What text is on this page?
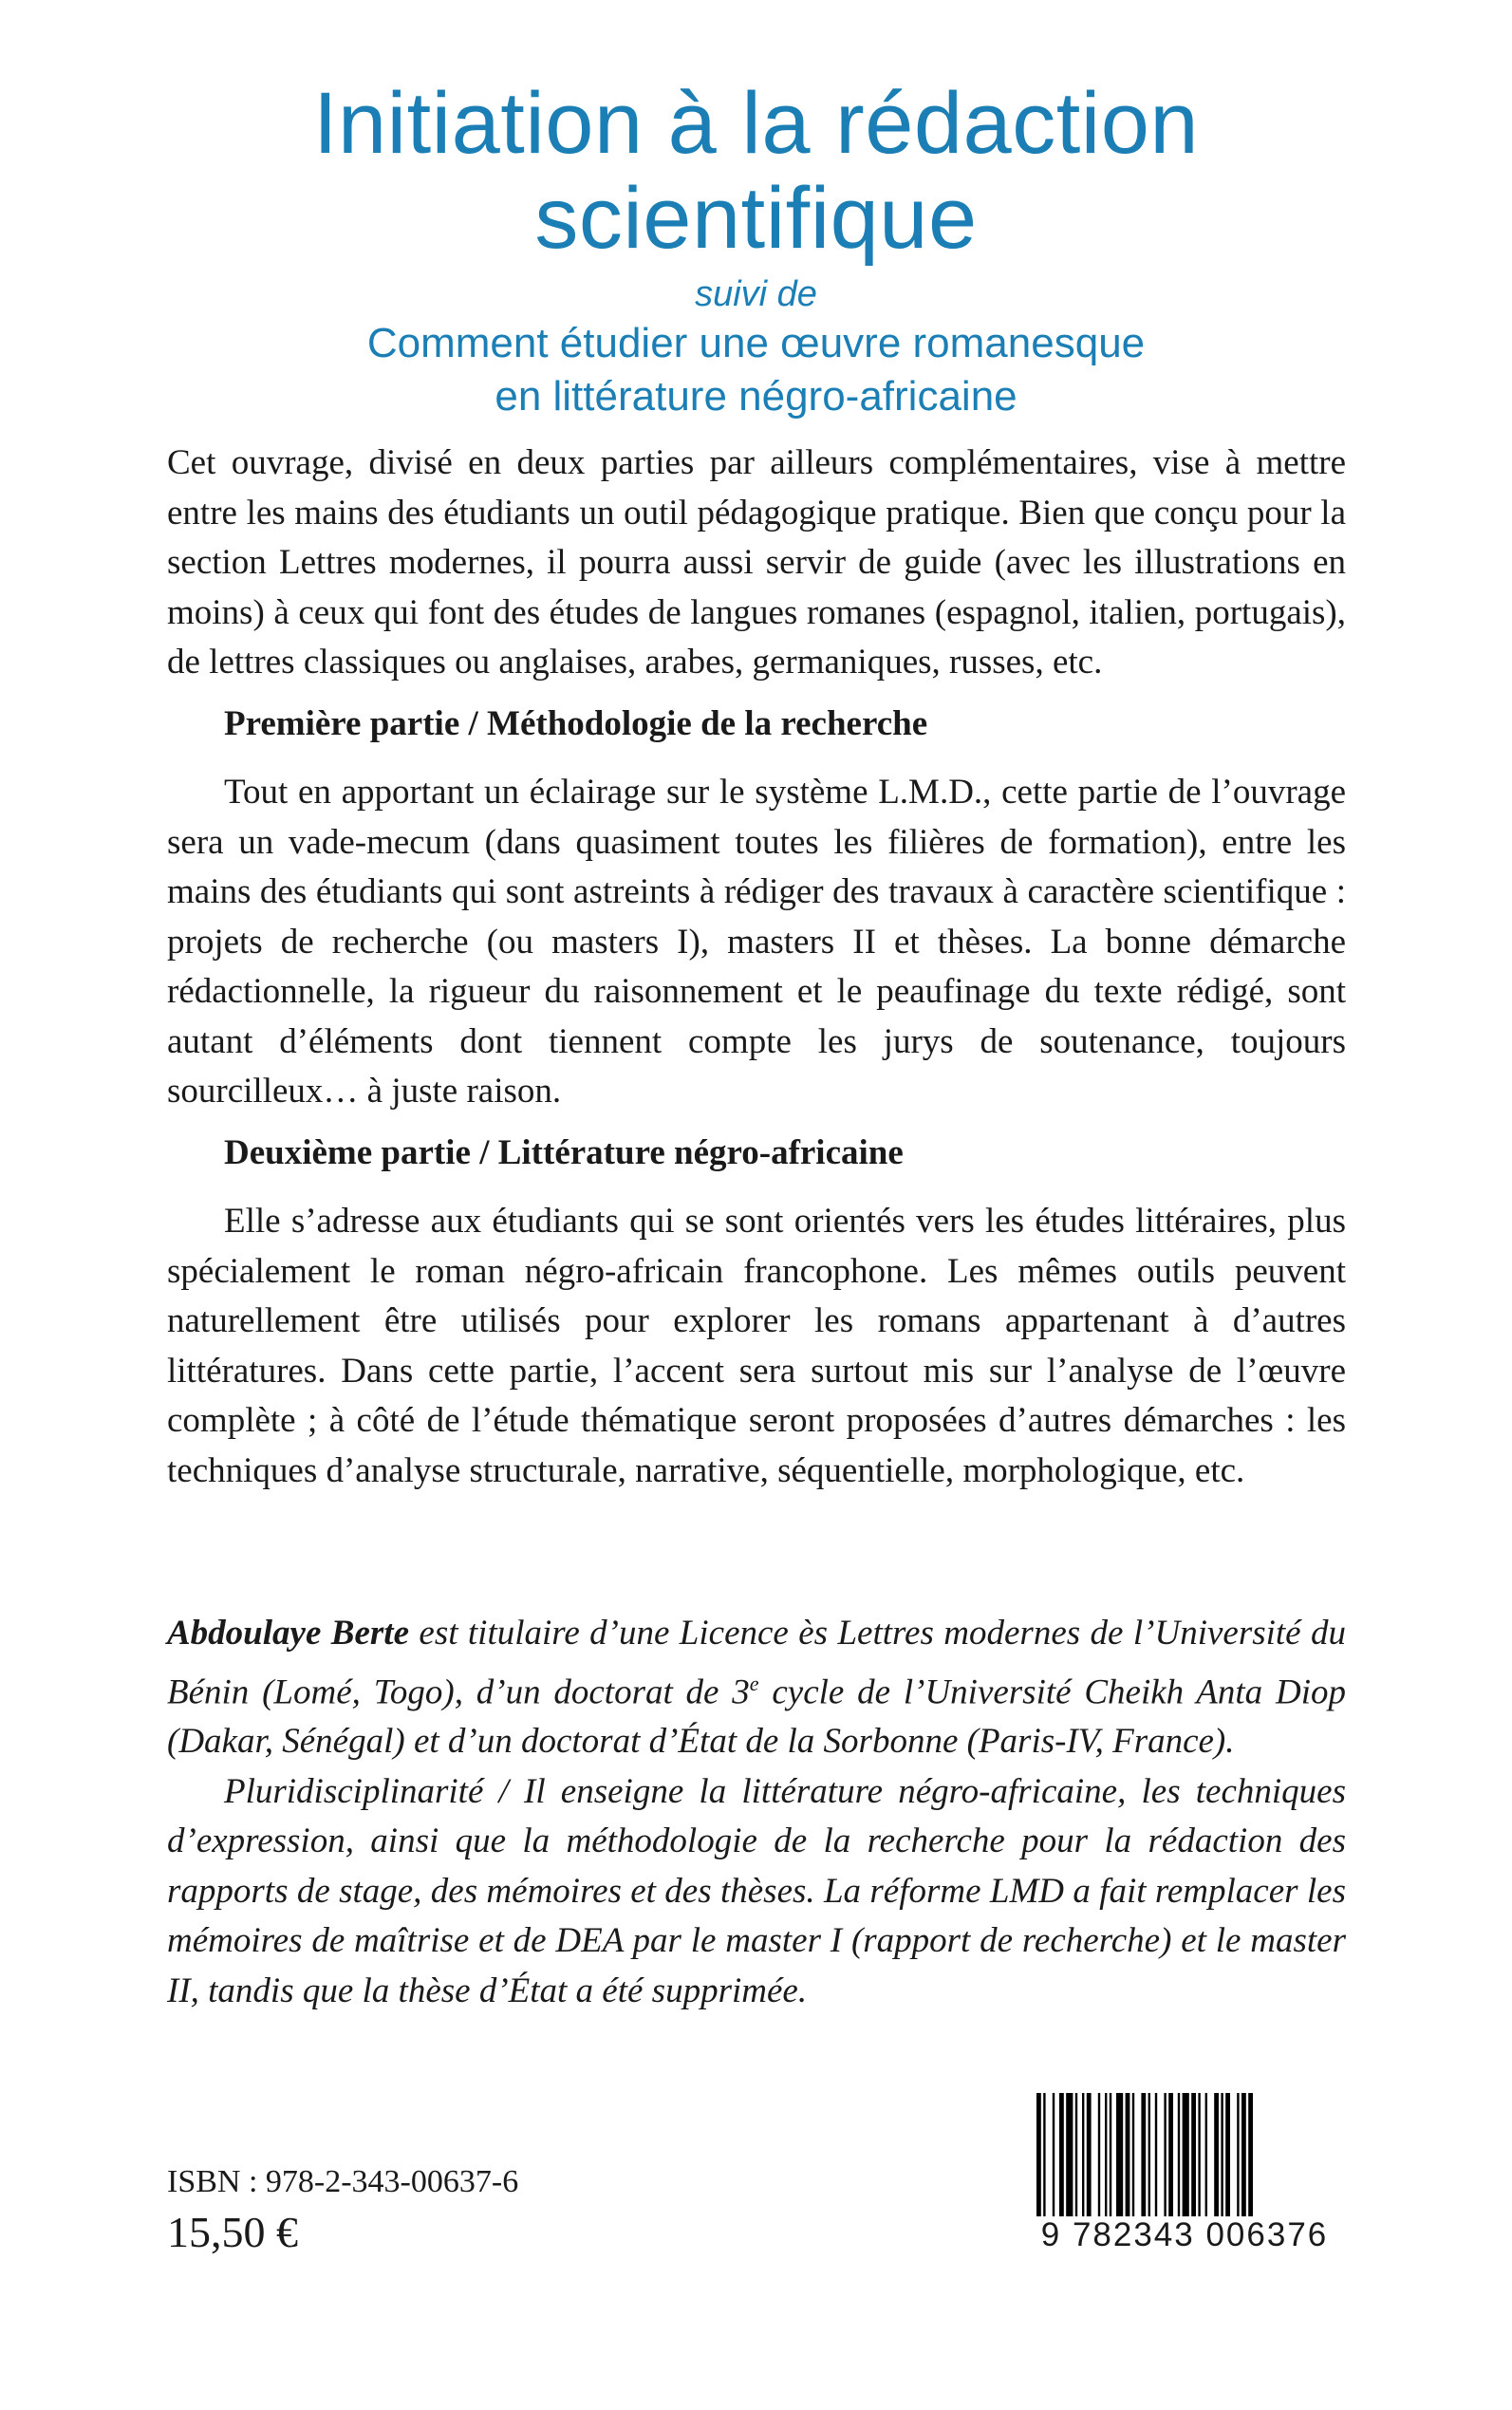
Initiation à la rédaction
scientifique
suivi de
Comment étudier une œuvre romanesque
en littérature négro-africaine

Cet ouvrage, divisé en deux parties par ailleurs complémentaires, vise à mettre entre les mains des étudiants un outil pédagogique pratique. Bien que conçu pour la section Lettres modernes, il pourra aussi servir de guide (avec les illustrations en moins) à ceux qui font des études de langues romanes (espagnol, italien, portugais), de lettres classiques ou anglaises, arabes, germaniques, russes, etc.

Première partie / Méthodologie de la recherche

Tout en apportant un éclairage sur le système L.M.D., cette partie de l’ouvrage sera un vade-mecum (dans quasiment toutes les filières de formation), entre les mains des étudiants qui sont astreints à rédiger des travaux à caractère scientifique : projets de recherche (ou masters I), masters II et thèses. La bonne démarche rédactionnelle, la rigueur du raisonnement et le peaufinage du texte rédigé, sont autant d’éléments dont tiennent compte les jurys de soutenance, toujours sourcilleux… à juste raison.

Deuxième partie / Littérature négro-africaine

Elle s’adresse aux étudiants qui se sont orientés vers les études littéraires, plus spécialement le roman négro-africain francophone. Les mêmes outils peuvent naturellement être utilisés pour explorer les romans appartenant à d’autres littératures. Dans cette partie, l’accent sera surtout mis sur l’analyse de l’œuvre complète ; à côté de l’étude thématique seront proposées d’autres démarches : les techniques d’analyse structurale, narrative, séquentielle, morphologique, etc.

Abdoulaye Berte est titulaire d’une Licence ès Lettres modernes de l’Université du Bénin (Lomé, Togo), d’un doctorat de 3e cycle de l’Université Cheikh Anta Diop (Dakar, Sénégal) et d’un doctorat d’État de la Sorbonne (Paris-IV, France).

Pluridisciplinarité / Il enseigne la littérature négro-africaine, les techniques d’expression, ainsi que la méthodologie de la recherche pour la rédaction des rapports de stage, des mémoires et des thèses. La réforme LMD a fait remplacer les mémoires de maîtrise et de DEA par le master I (rapport de recherche) et le master II, tandis que la thèse d’État a été supprimée.

ISBN : 978-2-343-00637-6
15,50 €	9 782343 006376
